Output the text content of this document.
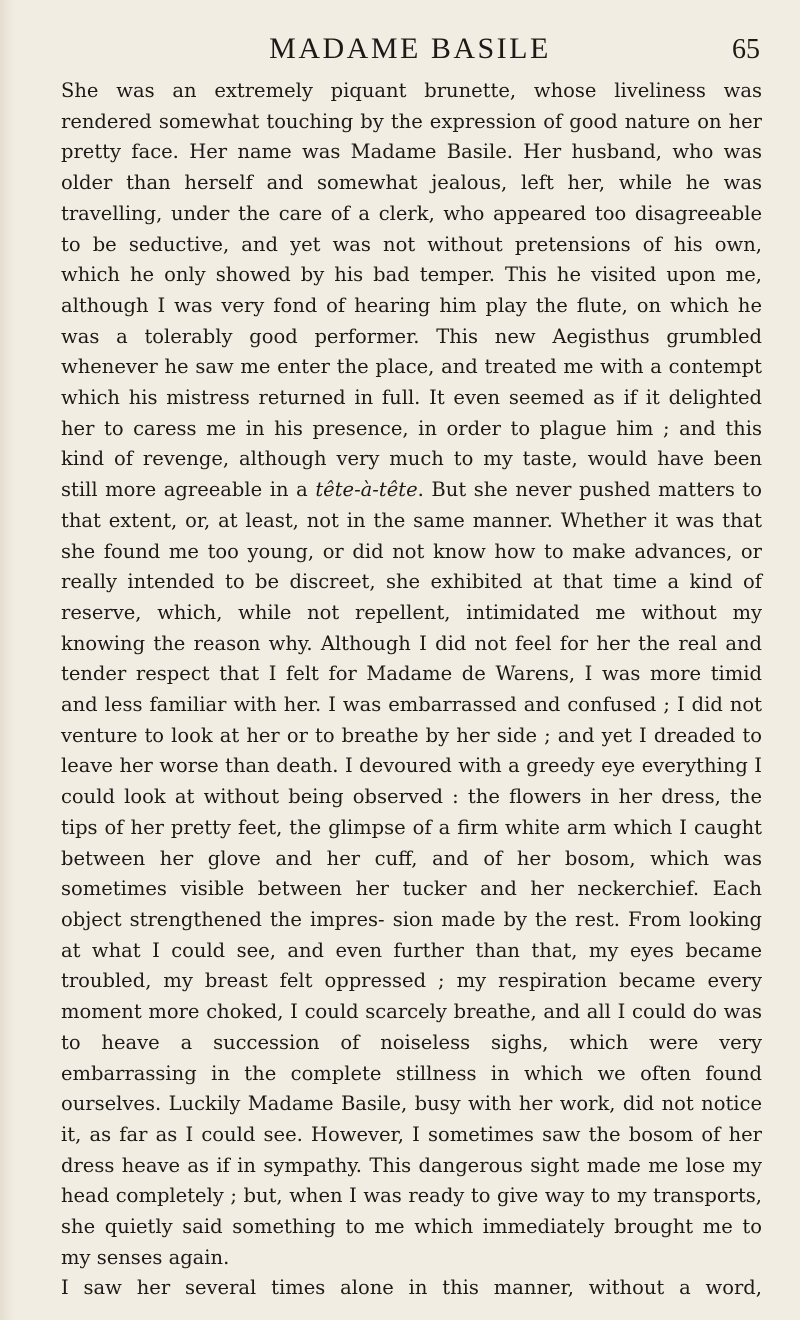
MADAME BASILE	65

She was an extremely piquant brunette, whose liveliness was rendered somewhat touching by the expression of good nature on her pretty face. Her name was Madame Basile. Her husband, who was older than herself and somewhat jealous, left her, while he was travelling, under the care of a clerk, who appeared too disagreeable to be seductive, and yet was not without pretensions of his own, which he only showed by his bad temper. This he visited upon me, although I was very fond of hearing him play the flute, on which he was a tolerably good performer. This new Aegisthus grumbled whenever he saw me enter the place, and treated me with a contempt which his mistress returned in full. It even seemed as if it delighted her to caress me in his presence, in order to plague him ; and this kind of revenge, although very much to my taste, would have been still more agreeable in a tête-à-tête. But she never pushed matters to that extent, or, at least, not in the same manner. Whether it was that she found me too young, or did not know how to make advances, or really intended to be discreet, she exhibited at that time a kind of reserve, which, while not repellent, intimidated me without my knowing the reason why. Although I did not feel for her the real and tender respect that I felt for Madame de Warens, I was more timid and less familiar with her. I was embarrassed and confused ; I did not venture to look at her or to breathe by her side ; and yet I dreaded to leave her worse than death. I devoured with a greedy eye everything I could look at without being observed : the flowers in her dress, the tips of her pretty feet, the glimpse of a firm white arm which I caught between her glove and her cuff, and of her bosom, which was sometimes visible between her tucker and her neckerchief. Each object strengthened the impres- sion made by the rest. From looking at what I could see, and even further than that, my eyes became troubled, my breast felt oppressed ; my respiration became every moment more choked, I could scarcely breathe, and all I could do was to heave a succession of noiseless sighs, which were very embarrassing in the complete stillness in which we often found ourselves. Luckily Madame Basile, busy with her work, did not notice it, as far as I could see. However, I sometimes saw the bosom of her dress heave as if in sympathy. This dangerous sight made me lose my head completely ; but, when I was ready to give way to my transports, she quietly said something to me which immediately brought me to my senses again.

I saw her several times alone in this manner, without a word,
